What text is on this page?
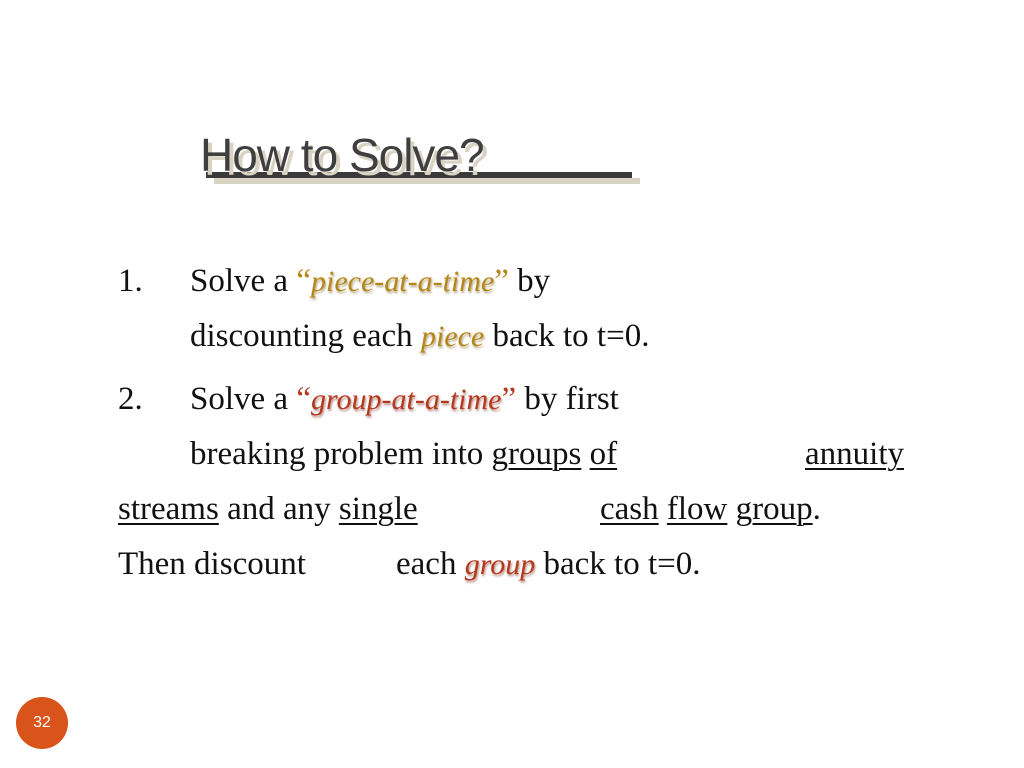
How to Solve?
1. Solve a “piece-at-a-time” by
discounting each piece back to t=0.
2. Solve a “group-at-a-time” by first
breaking problem into groups of	annuity
streams and any single	cash flow group.
Then discount	each group back to t=0.
32
